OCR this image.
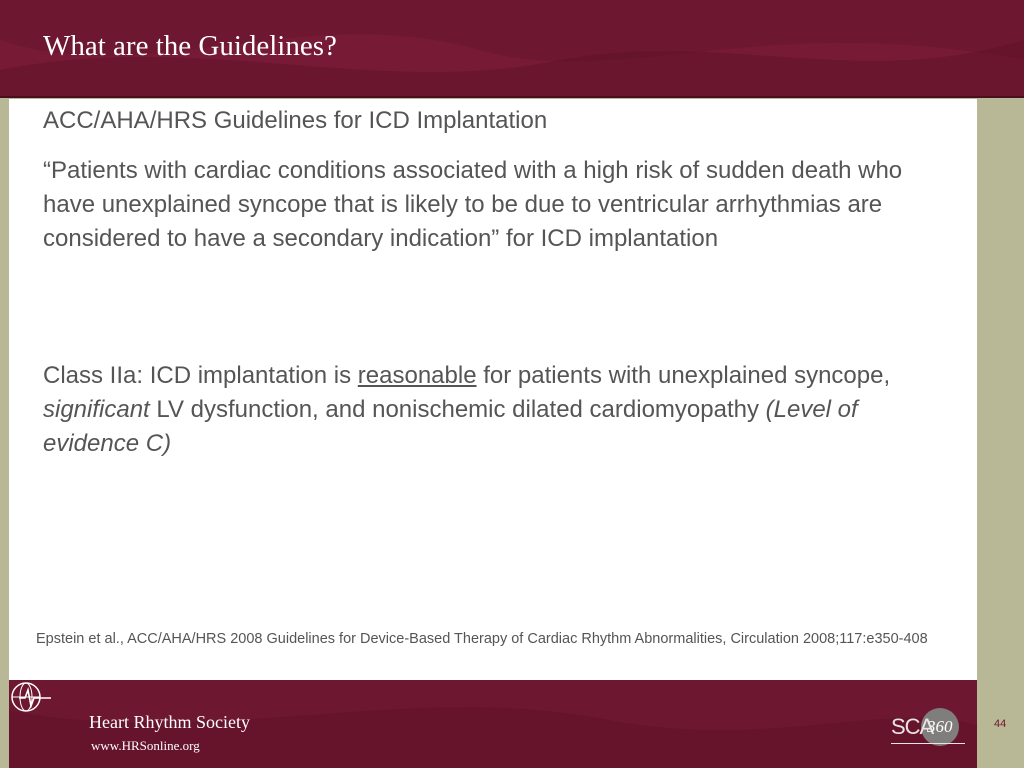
What are the Guidelines?
ACC/AHA/HRS Guidelines for ICD Implantation
“Patients with cardiac conditions associated with a high risk of sudden death who have unexplained syncope that is likely to be due to ventricular arrhythmias are considered to have a secondary indication” for ICD implantation
Class IIa: ICD implantation is reasonable for patients with unexplained syncope, significant LV dysfunction, and nonischemic dilated cardiomyopathy (Level of evidence C)
Epstein et al., ACC/AHA/HRS 2008 Guidelines for Device-Based Therapy of Cardiac Rhythm Abnormalities, Circulation 2008;117:e350-408
Heart Rhythm Society
www.HRSonline.org
SCA
360	44
